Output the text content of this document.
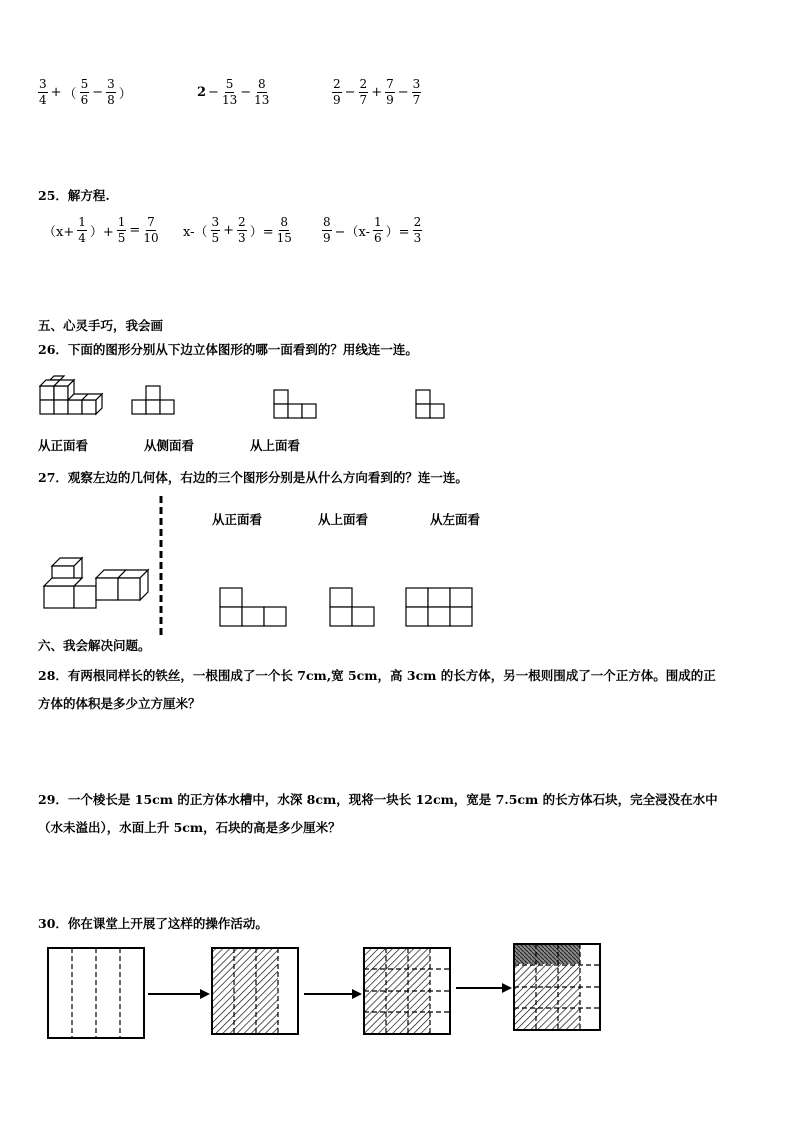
$\frac{3}{4}$ + （ $\frac{5}{6} - \frac{3}{8}$ ）	$2 - \frac{5}{13} - \frac{8}{13}$	$\frac{2}{9} - \frac{2}{7} + \frac{7}{9} - \frac{3}{7}$
25．解方程.
（$x+ \frac{1}{4}$ ）+ $\frac{1}{5} = \frac{7}{10} x-( \frac{3}{5} + \frac{2}{3}$ ）= $\frac{8}{15}$	$\frac{8}{9} -(x- \frac{1}{6}$ ）= $\frac{2}{3}$
五、心灵手巧，我会画
26．下面的图形分别从下边立体图形的哪一面看到的？用线连一连。
从正面看	从侧面看	从上面看
27．观察左边的几何体，右边的三个图形分别是从什么方向看到的？连一连。
从正面看	从上面看	从左面看
六、我会解决问题。
28．有两根同样长的铁丝，一根围成了一个长 7cm,宽 5cm，高 3cm 的长方体，另一根则围成了一个正方体。围成的正
方体的体积是多少立方厘米？
29．一个棱长是 15cm 的正方体水槽中，水深 8cm，现将一块长 12cm，宽是 7.5cm 的长方体石块，完全浸没在水中
（水未溢出），水面上升 5cm，石块的高是多少厘米？
30．你在课堂上开展了这样的操作活动。
